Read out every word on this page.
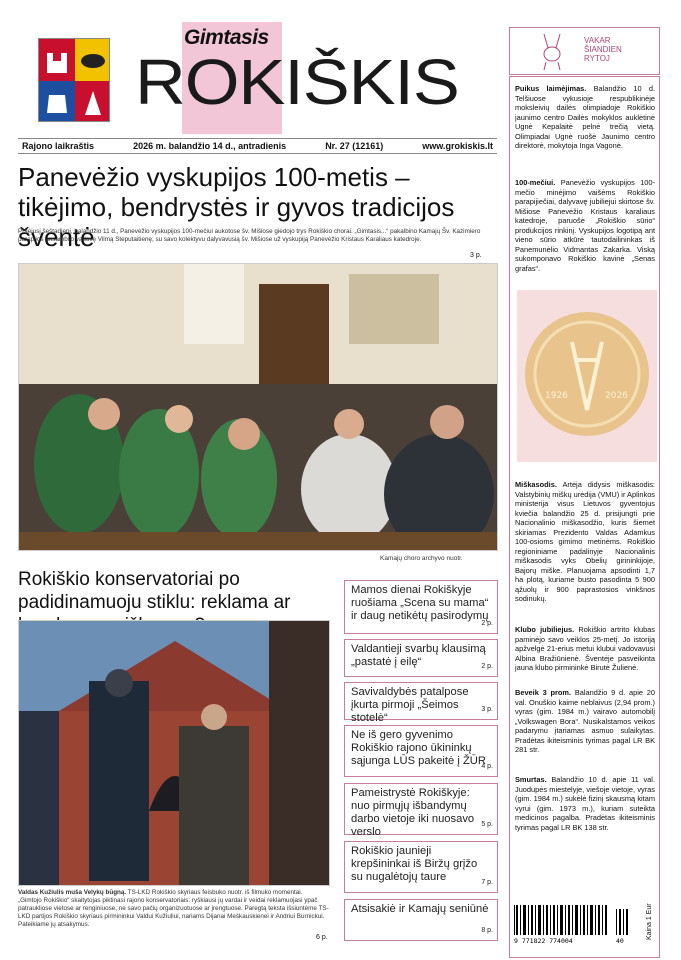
Gimtasis
ROKIŠKIS
Rajono laikraštis	2026 m. balandžio 14 d., antradienis	Nr. 27 (12161)	www.grokiskis.lt
VAKAR
ŠIANDIEN
RYTOJ
Panevėžio vyskupijos 100-metis – tikėjimo, bendrystės ir gyvos tradicijos šventė
Praėjusį šeštadienį, balandžio 11 d., Panevėžio vyskupijos 100-mečiui aukotose šv. Mišiose giedojo trys Rokiškio chorai. „Gimtasis...“ pakalbino Kamajų Šv. Kazimiero parapijos ansamblio vadovę Vilmą Steputaitienę, su savo kolektyvu dalyvavusią šv. Mišiose už vyskupiją Panevėžio Kristaus Karaliaus katedroje.
3 p.
Kamajų choro archyvo nuotr.
Rokiškio konservatoriai po padidinamuoju stiklu: reklama ar
Valdas Kužiulis muša Velykų būgną. TS-LKD Rokiškio skyriaus feisbuko nuotr. iš filmuko momentai.
„Gimtojo Rokiškio“ skaitytojas piktinasi rajono konservatoriais: ryškiausi jų vardai ir veidai reklamuojasi ypač patraukliose vietose ar renginiuose, ne savo pačių organizuotuose ar įrengtuose. Paregtą teksta išsiuntėme TS-LKD partijos Rokiškio skyriaus pirmininkui Valdui Kužiuliui, nariams Dijanai Meškauskienei ir Andriui Burnickui. Pateikiame jų atsakymus.
6 p.
Mamos dienai Rokiškyje ruošiama „Scena su mama“ ir daug netikėtų pasirodymų
2 p.
Valdantieji svarbų klausimą „pastatė į eilę“	2 p.
Savivaldybės patalpose įkurta pirmoji „Šeimos stotelė“
3 p.
Ne iš gero gyvenimo Rokiškio rajono ūkininkų sąjunga LŪS pakeitė į ŽŪR
4 p.
Pameistrystė Rokiškyje: nuo pirmųjų išbandymų darbo vietoje iki nuosavo verslo
5 p.
Rokiškio jaunieji krepšininkai iš Biržų grįžo su nugalėtojų taure	7 p.
Atsisakiė ir Kamajų seniūnė
8 p.
Puikus laimėjimas. Balandžio 10 d. Telšiuose vykusioje respublikinėje moksleivių dailės olimpiadoje Rokiškio jaunimo centro Dailės mokyklos auklėtinė Ugnė Kepalaitė pelnė trečią vietą. Olimpiadai Ugnė ruošė Jaunimo centro direktorė, mokytoja Inga Vagonė.
100-mečiui. Panevėžio vyskupijos 100-mečio minėjimo vaišėms Rokiškio parapijiečiai, dalyvavę jubiliejui skirtose šv. Mišiose Panevėžio Kristaus karaliaus katedroje, paruošė „Rokiškio sūrio“ produkcijos rinkinį. Vyskupijos logotipą ant vieno sūrio atkūrė tautodailininkas iš Panemunėlio Vidmantas Zakarka. Viską sukomponavo Rokiškio kavinė „Senas grafas“.
1926	2026
Miškasodis. Artėja didysis miškasodis: Valstybinių miškų urėdija (VMU) ir Aplinkos ministerija visus Lietuvos gyventojus kviečia balandžio 25 d. prisijungti prie Nacionalinio miškasodžio, kuris šiemet skiriamas Prezidento Valdas Adamkus 100-osioms gimimo metinėms. Rokiškio regioniniame padalinyje Nacionalinis miškasodis vyks Obelių girininkijoje, Bajorų miške. Planuojama apsodinti 1,7 ha plotą, kuriame busto pasodinta 5 900 ąžuolų ir 900 paprastosios vinkšnos sodinukų.
Klubo jubiliejus. Rokiškio artrito klubas paminėjo savo veiklos 25-metį. Jo istoriją apžvelgė 21-erius metui klubui vadovavusi Albina Bražiūnienė. Šventėje pasveikinta jauna klubo pirmininkė Birutė Žulienė.
Beveik 3 prom. Balandžio 9 d. apie 20 val. Onuškio kaime neblaivus (2,94 prom.) vyras (gim. 1984 m.) vairavo automobilį „Volkswagen Bora“. Nusikalstamos veikos padarymu įtariamas asmuo sulaikytas. Pradėtas ikiteisminis tyrimas pagal LR BK 281 str.
Smurtas. Balandžio 10 d. apie 11 val. Juodupės miestelyje, viešoje vietoje, vyras (gim. 1984 m.) sukėlė fizinį skausmą kitam vyrui (gim. 1973 m.), kuriam suteikta medicinos pagalba. Pradėtas ikiteisminis tyrimas pagal LR BK 138 str.
9 771822 774004	40
Kaina 1 Eur
